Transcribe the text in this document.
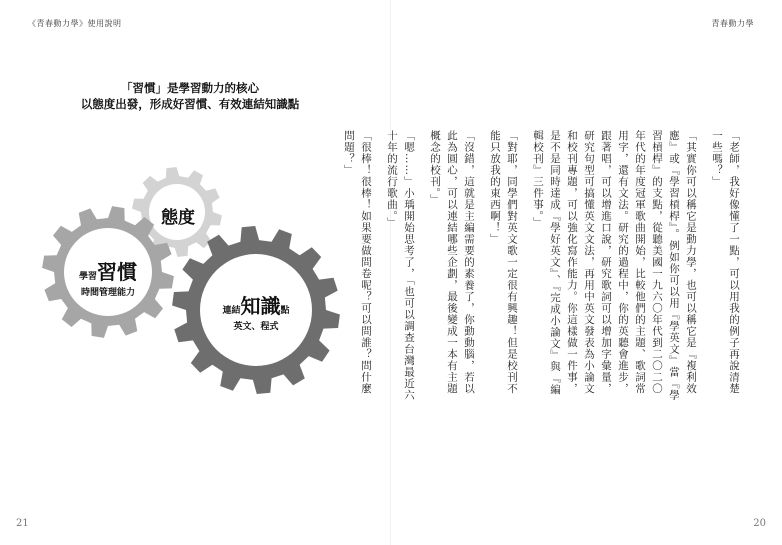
《青春動力學》使用說明
「習慣」是學習動力的核心
以態度出發，形成好習慣、有效連結知識點
態度
學習習慣
時間管理能力
連結知識點
英文、程式
21
青春動力學

「老師，我好像懂了一點，可以用我的例子再說清楚一些嗎？」

「其實你可以稱它是動力學，也可以稱它是『複利效應』或『學習槓桿』。例如你可以用『學英文』當『學習槓桿』的支點，從聽美國一九六〇年代到二〇二〇年代的年度冠軍歌曲開始，比較他們的主題、歌詞常用字，還有文法。研究的過程中，你的英聽會進步，跟著唱，可以增進口說，研究歌詞可以增加字彙量，研究句型可搞懂英文文法，再用中英文發表為小論文和校刊專題，可以強化寫作能力。你這樣做一件事，是不是同時達成『學好英文』、『完成小論文』與『編輯校刊』三件事。」

「對耶，同學們對英文歌一定很有興趣！但是校刊不能只放我的東西啊！」

「沒錯，這就是主編需要的素養了，你動動腦，若以此為圓心，可以連結哪些企劃，最後變成一本有主題概念的校刊。」

「嗯……」小瑀開始思考了，「也可以調查台灣最近六十年的流行歌曲。」

「很棒！很棒！如果要做問卷呢？可以問誰？問什麼問題？」

20
